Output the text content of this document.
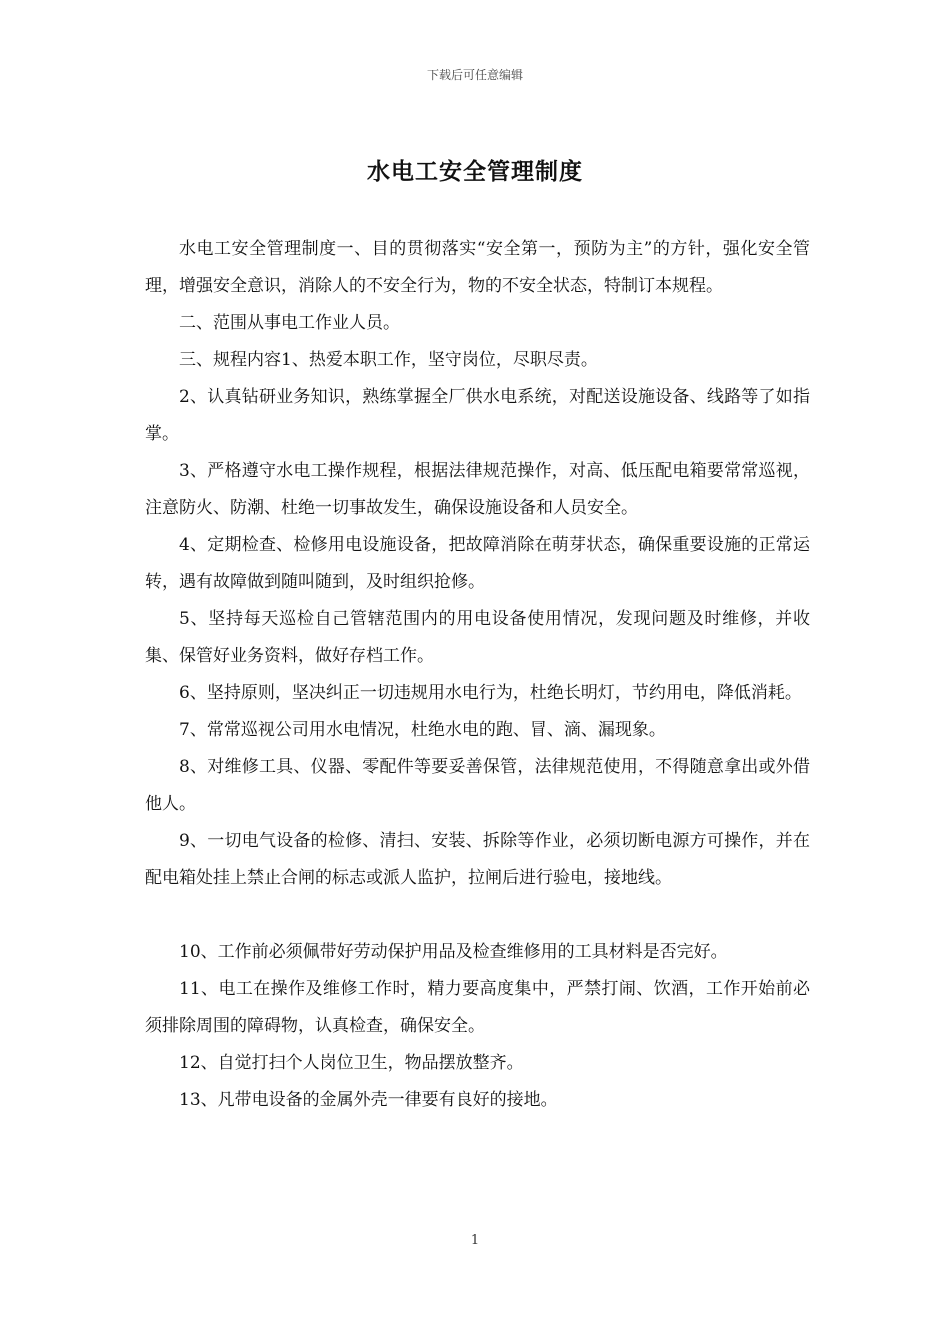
下载后可任意编辑
水电工安全管理制度

水电工安全管理制度一、目的贯彻落实“安全第一，预防为主”的方针，强化安全管理，增强安全意识，消除人的不安全行为，物的不安全状态，特制订本规程。

二、范围从事电工作业人员。

三、规程内容1、热爱本职工作，坚守岗位，尽职尽责。

2、认真钻研业务知识，熟练掌握全厂供水电系统，对配送设施设备、线路等了如指掌。

3、严格遵守水电工操作规程，根据法律规范操作，对高、低压配电箱要常常巡视，注意防火、防潮、杜绝一切事故发生，确保设施设备和人员安全。

4、定期检查、检修用电设施设备，把故障消除在萌芽状态，确保重要设施的正常运转，遇有故障做到随叫随到，及时组织抢修。

5、坚持每天巡检自己管辖范围内的用电设备使用情况，发现问题及时维修，并收集、保管好业务资料，做好存档工作。

6、坚持原则，坚决纠正一切违规用水电行为，杜绝长明灯，节约用电，降低消耗。

7、常常巡视公司用水电情况，杜绝水电的跑、冒、滴、漏现象。

8、对维修工具、仪器、零配件等要妥善保管，法律规范使用，不得随意拿出或外借他人。

9、一切电气设备的检修、清扫、安装、拆除等作业，必须切断电源方可操作，并在配电箱处挂上禁止合闸的标志或派人监护，拉闸后进行验电，接地线。

10、工作前必须佩带好劳动保护用品及检查维修用的工具材料是否完好。

11、电工在操作及维修工作时，精力要高度集中，严禁打闹、饮酒，工作开始前必须排除周围的障碍物，认真检查，确保安全。

12、自觉打扫个人岗位卫生，物品摆放整齐。

13、凡带电设备的金属外壳一律要有良好的接地。

1
